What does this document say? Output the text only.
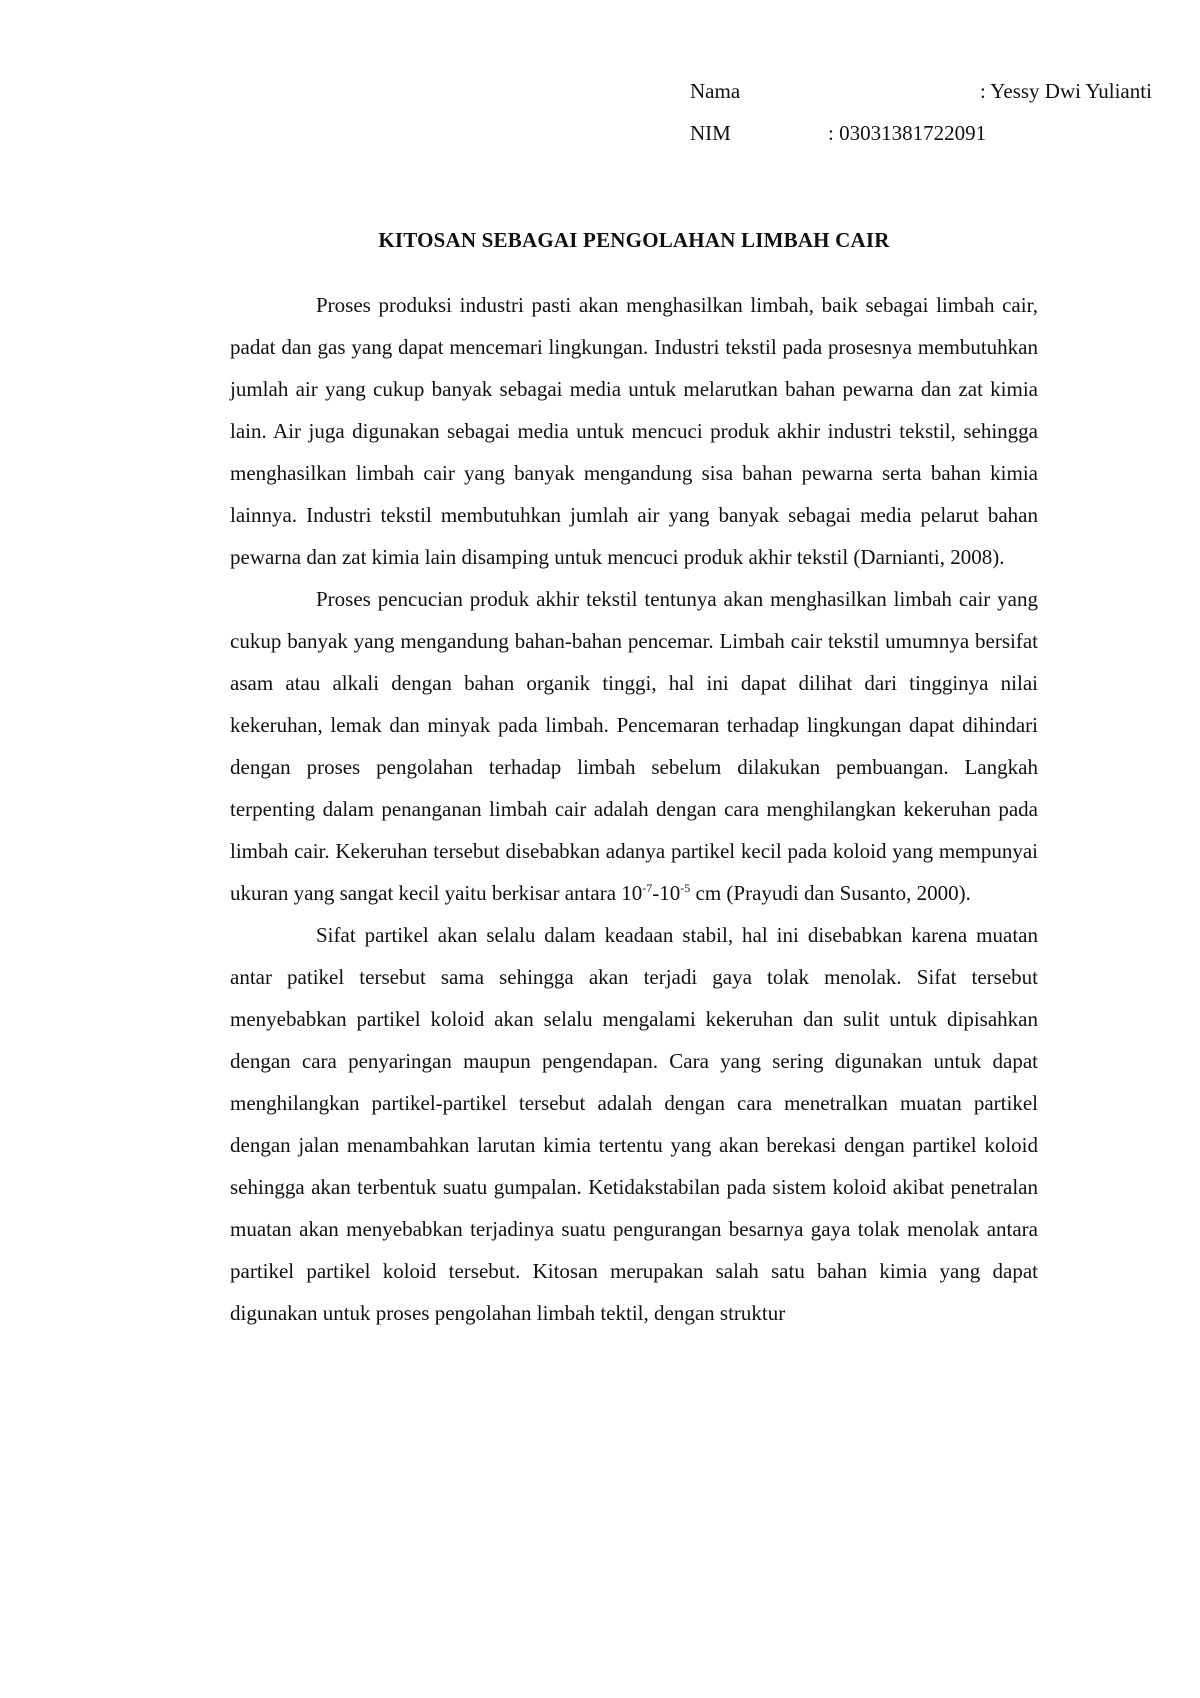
Nama	: Yessy Dwi Yulianti
NIM	: 03031381722091
KITOSAN SEBAGAI PENGOLAHAN LIMBAH CAIR

Proses produksi industri pasti akan menghasilkan limbah, baik sebagai limbah cair, padat dan gas yang dapat mencemari lingkungan. Industri tekstil pada prosesnya membutuhkan jumlah air yang cukup banyak sebagai media untuk melarutkan bahan pewarna dan zat kimia lain. Air juga digunakan sebagai media untuk mencuci produk akhir industri tekstil, sehingga menghasilkan limbah cair yang banyak mengandung sisa bahan pewarna serta bahan kimia lainnya. Industri tekstil membutuhkan jumlah air yang banyak sebagai media pelarut bahan pewarna dan zat kimia lain disamping untuk mencuci produk akhir tekstil (Darnianti, 2008).

Proses pencucian produk akhir tekstil tentunya akan menghasilkan limbah cair yang cukup banyak yang mengandung bahan-bahan pencemar. Limbah cair tekstil umumnya bersifat asam atau alkali dengan bahan organik tinggi, hal ini dapat dilihat dari tingginya nilai kekeruhan, lemak dan minyak pada limbah. Pencemaran terhadap lingkungan dapat dihindari dengan proses pengolahan terhadap limbah sebelum dilakukan pembuangan. Langkah terpenting dalam penanganan limbah cair adalah dengan cara menghilangkan kekeruhan pada limbah cair. Kekeruhan tersebut disebabkan adanya partikel kecil pada koloid yang mempunyai ukuran yang sangat kecil yaitu berkisar antara $10^{-7}-10^{-5}$ cm (Prayudi dan Susanto, 2000).

Sifat partikel akan selalu dalam keadaan stabil, hal ini disebabkan karena muatan antar patikel tersebut sama sehingga akan terjadi gaya tolak menolak. Sifat tersebut menyebabkan partikel koloid akan selalu mengalami kekeruhan dan sulit untuk dipisahkan dengan cara penyaringan maupun pengendapan. Cara yang sering digunakan untuk dapat menghilangkan partikel-partikel tersebut adalah dengan cara menetralkan muatan partikel dengan jalan menambahkan larutan kimia tertentu yang akan berekasi dengan partikel koloid sehingga akan terbentuk suatu gumpalan. Ketidakstabilan pada sistem koloid akibat penetralan muatan akan menyebabkan terjadinya suatu pengurangan besarnya gaya tolak menolak antara partikel partikel koloid tersebut. Kitosan merupakan salah satu bahan kimia yang dapat digunakan untuk proses pengolahan limbah tektil, dengan struktur
